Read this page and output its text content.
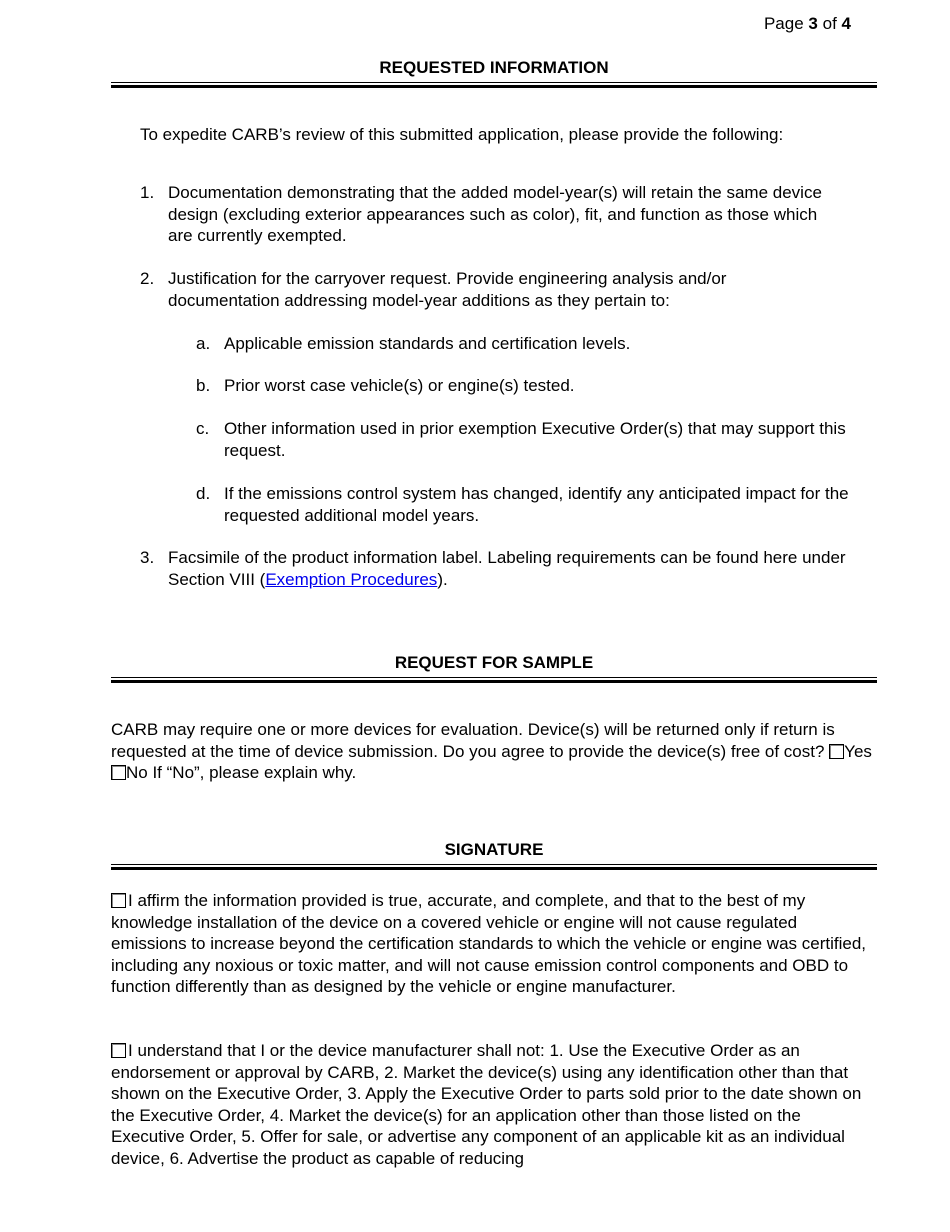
Page 3 of 4
REQUESTED INFORMATION
To expedite CARB’s review of this submitted application, please provide the following:
1. Documentation demonstrating that the added model-year(s) will retain the same device design (excluding exterior appearances such as color), fit, and function as those which are currently exempted.
2. Justification for the carryover request. Provide engineering analysis and/or documentation addressing model-year additions as they pertain to:
a. Applicable emission standards and certification levels.
b. Prior worst case vehicle(s) or engine(s) tested.
c. Other information used in prior exemption Executive Order(s) that may support this request.
d. If the emissions control system has changed, identify any anticipated impact for the requested additional model years.
3. Facsimile of the product information label. Labeling requirements can be found here under Section VIII (Exemption Procedures).
REQUEST FOR SAMPLE
CARB may require one or more devices for evaluation. Device(s) will be returned only if return is requested at the time of device submission. Do you agree to provide the device(s) free of cost? YesNo If “No”, please explain why.
SIGNATURE
I affirm the information provided is true, accurate, and complete, and that to the best of my knowledge installation of the device on a covered vehicle or engine will not cause regulated emissions to increase beyond the certification standards to which the vehicle or engine was certified, including any noxious or toxic matter, and will not cause emission control components and OBD to function differently than as designed by the vehicle or engine manufacturer.
I understand that I or the device manufacturer shall not: 1. Use the Executive Order as an endorsement or approval by CARB, 2. Market the device(s) using any identification other than that shown on the Executive Order, 3. Apply the Executive Order to parts sold prior to the date shown on the Executive Order, 4. Market the device(s) for an application other than those listed on the Executive Order, 5. Offer for sale, or advertise any component of an applicable kit as an individual device, 6. Advertise the product as capable of reducing
